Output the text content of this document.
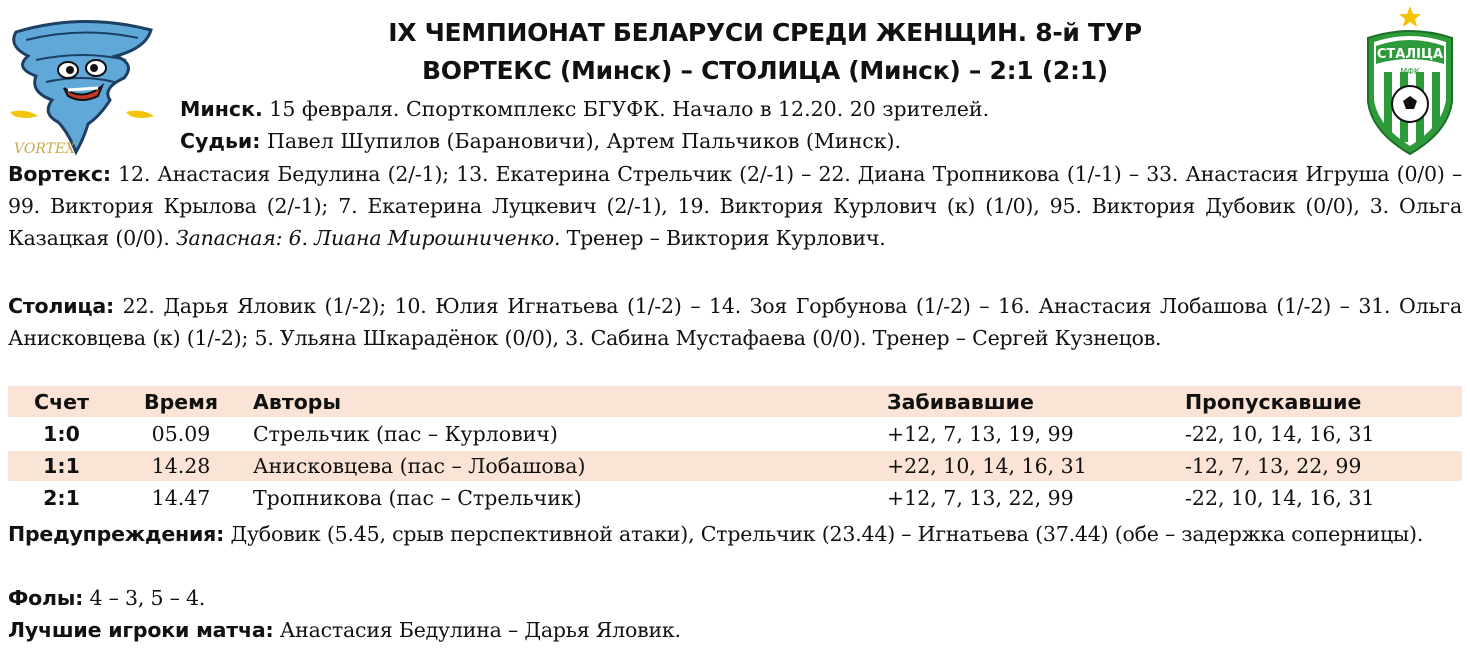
VORTEX
СТАЛІЦА
МФК
IX ЧЕМПИОНАТ БЕЛАРУСИ СРЕДИ ЖЕНЩИН. 8-й ТУР
ВОРТЕКС (Минск) – СТОЛИЦА (Минск) – 2:1 (2:1)
Минск. 15 февраля. Спорткомплекс БГУФК. Начало в 12.20. 20 зрителей.
Судьи: Павел Шупилов (Барановичи), Артем Пальчиков (Минск).
Вортекс: 12. Анастасия Бедулина (2/-1); 13. Екатерина Стрельчик (2/-1) – 22. Диана Тропникова (1/-1) – 33. Анастасия Игруша (0/0) – 99. Виктория Крылова (2/-1); 7. Екатерина Луцкевич (2/-1), 19. Виктория Курлович (к) (1/0), 95. Виктория Дубовик (0/0), 3. Ольга Казацкая (0/0). Запасная: 6. Лиана Мирошниченко. Тренер – Виктория Курлович.
Столица: 22. Дарья Яловик (1/-2); 10. Юлия Игнатьева (1/-2) – 14. Зоя Горбунова (1/-2) – 16. Анастасия Лобашова (1/-2) – 31. Ольга Анисковцева (к) (1/-2); 5. Ульяна Шкарадёнок (0/0), 3. Сабина Мустафаева (0/0). Тренер – Сергей Кузнецов.
Счет	Время	Авторы	Забивавшие	Пропускавшие
1:0	05.09	Стрельчик (пас – Курлович)	+12, 7, 13, 19, 99	-22, 10, 14, 16, 31
1:1	14.28	Анисковцева (пас – Лобашова)	+22, 10, 14, 16, 31	-12, 7, 13, 22, 99
2:1	14.47	Тропникова (пас – Стрельчик)	+12, 7, 13, 22, 99	-22, 10, 14, 16, 31
Предупреждения: Дубовик (5.45, срыв перспективной атаки), Стрельчик (23.44) – Игнатьева (37.44) (обе – задержка соперницы).
Фолы: 4 – 3, 5 – 4.
Лучшие игроки матча: Анастасия Бедулина – Дарья Яловик.
